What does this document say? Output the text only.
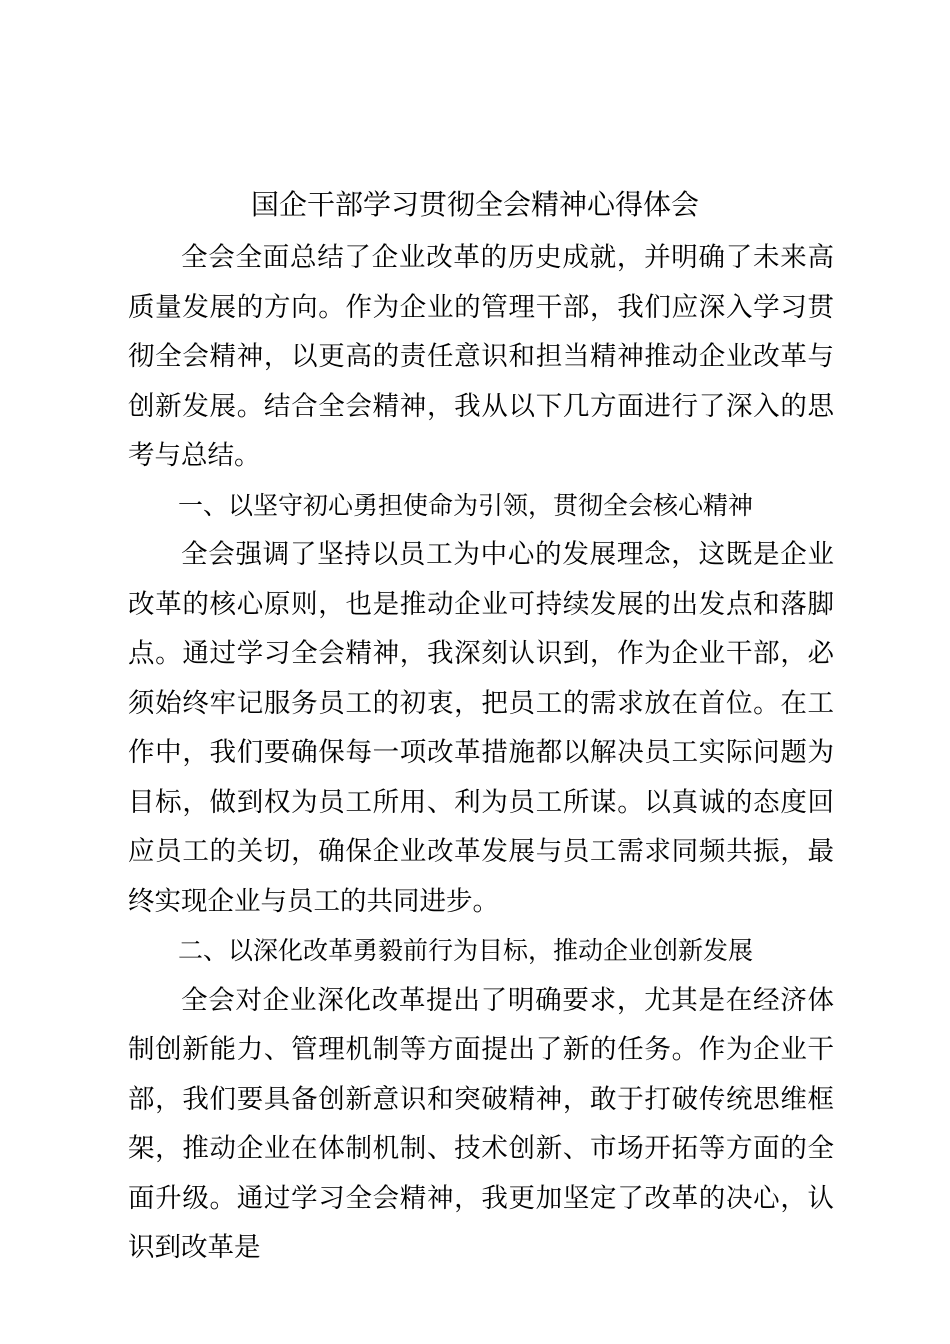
国企干部学习贯彻全会精神心得体会

全会全面总结了企业改革的历史成就，并明确了未来高质量发展的方向。作为企业的管理干部，我们应深入学习贯彻全会精神，以更高的责任意识和担当精神推动企业改革与创新发展。结合全会精神，我从以下几方面进行了深入的思考与总结。

一、以坚守初心勇担使命为引领，贯彻全会核心精神

全会强调了坚持以员工为中心的发展理念，这既是企业改革的核心原则，也是推动企业可持续发展的出发点和落脚点。通过学习全会精神，我深刻认识到，作为企业干部，必须始终牢记服务员工的初衷，把员工的需求放在首位。在工作中，我们要确保每一项改革措施都以解决员工实际问题为目标，做到权为员工所用、利为员工所谋。以真诚的态度回应员工的关切，确保企业改革发展与员工需求同频共振，最终实现企业与员工的共同进步。

二、以深化改革勇毅前行为目标，推动企业创新发展

全会对企业深化改革提出了明确要求，尤其是在经济体制创新能力、管理机制等方面提出了新的任务。作为企业干部，我们要具备创新意识和突破精神，敢于打破传统思维框架，推动企业在体制机制、技术创新、市场开拓等方面的全面升级。通过学习全会精神，我更加坚定了改革的决心，认识到改革是
